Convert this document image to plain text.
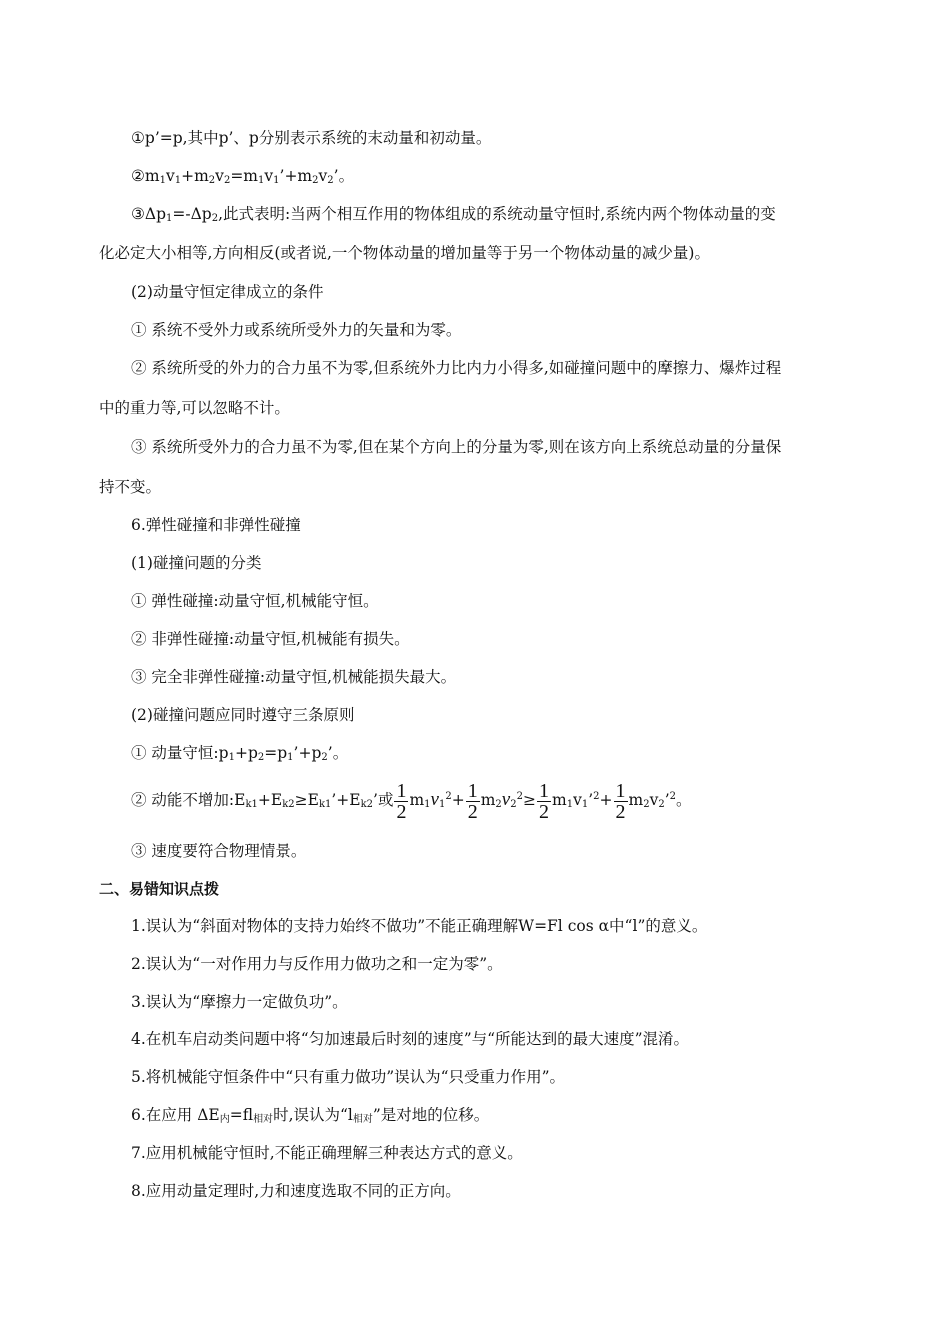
①p’=p,其中p’、p分别表示系统的末动量和初动量。
$②m_1v_1+m_2v_2=m_1v_1’+m_2v_2$’。
$③\Delta p_1=-\Delta p_2$,此式表明:当两个相互作用的物体组成的系统动量守恒时,系统内两个物体动量的变
化必定大小相等,方向相反(或者说,一个物体动量的增加量等于另一个物体动量的减少量)。
(2)动量守恒定律成立的条件
① 系统不受外力或系统所受外力的矢量和为零。
② 系统所受的外力的合力虽不为零,但系统外力比内力小得多,如碰撞问题中的摩擦力、爆炸过程
中的重力等,可以忽略不计。
③ 系统所受外力的合力虽不为零,但在某个方向上的分量为零,则在该方向上系统总动量的分量保
持不变。
6.弹性碰撞和非弹性碰撞
(1)碰撞问题的分类
① 弹性碰撞:动量守恒,机械能守恒。
② 非弹性碰撞:动量守恒,机械能有损失。
③ 完全非弹性碰撞:动量守恒,机械能损失最大。
(2)碰撞问题应同时遵守三条原则
① 动量守恒$:p_1+p_2=p_1’+p_2$’。
② 动能不增加$:E_{k1}+E_{k2}\ge E_{k1}’+E_{k2}$’或 $\frac{1}{2} m_1v_1^2+ \frac{1}{2} m_2v_2^2\ge \frac{1}{2}$ $m_1v_1’^2+ \frac{1}{2}$ $m_2v_2’^2$。
③ 速度要符合物理情景。
二、易错知识点拨
1.误认为“斜面对物体的支持力始终不做功”不能正确理解W=Fl cos α中“l”的意义。
2.误认为“一对作用力与反作用力做功之和一定为零”。
3.误认为“摩擦力一定做负功”。
4.在机车启动类问题中将“匀加速最后时刻的速度”与“所能达到的最大速度”混淆。
5.将机械能守恒条件中“只有重力做功”误认为“只受重力作用”。
6.在应用 $\Delta E_内=fl_{相对}$时,误认为“$l_{相对}$”是对地的位移。
7.应用机械能守恒时,不能正确理解三种表达方式的意义。
8.应用动量定理时,力和速度选取不同的正方向。
